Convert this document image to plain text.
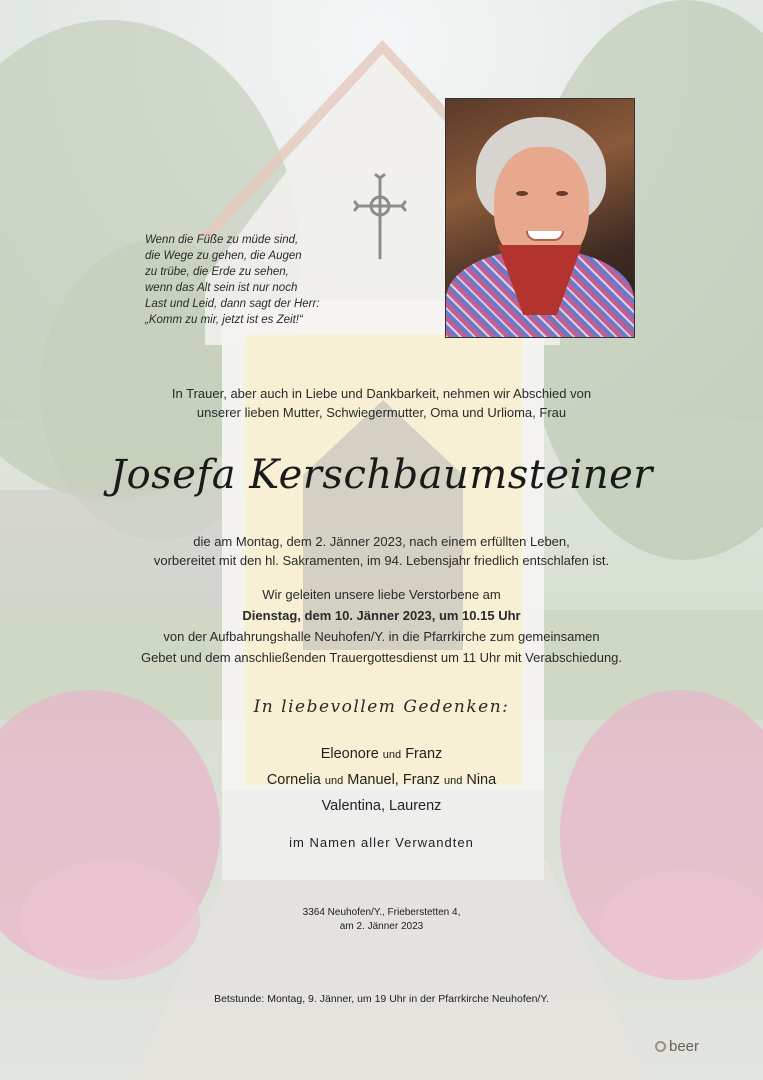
Wenn die Füße zu müde sind,
die Wege zu gehen, die Augen
zu trübe, die Erde zu sehen,
wenn das Alt sein ist nur noch
Last und Leid, dann sagt der Herr:
„Komm zu mir, jetzt ist es Zeit!“
In Trauer, aber auch in Liebe und Dankbarkeit, nehmen wir Abschied von
unserer lieben Mutter, Schwiegermutter, Oma und Urlioma, Frau
Josefa Kerschbaumsteiner
die am Montag, dem 2. Jänner 2023, nach einem erfüllten Leben,
vorbereitet mit den hl. Sakramenten, im 94. Lebensjahr friedlich entschlafen ist.
Wir geleiten unsere liebe Verstorbene am
Dienstag, dem 10. Jänner 2023, um 10.15 Uhr
von der Aufbahrungshalle Neuhofen/Y. in die Pfarrkirche zum gemeinsamen
Gebet und dem anschließenden Trauergottesdienst um 11 Uhr mit Verabschiedung.
In liebevollem Gedenken:
Eleonore und Franz
Cornelia und Manuel, Franz und Nina
Valentina, Laurenz
im Namen aller Verwandten
3364 Neuhofen/Y., Frieberstetten 4,
am 2. Jänner 2023
Betstunde: Montag, 9. Jänner, um 19 Uhr in der Pfarrkirche Neuhofen/Y.
beer
